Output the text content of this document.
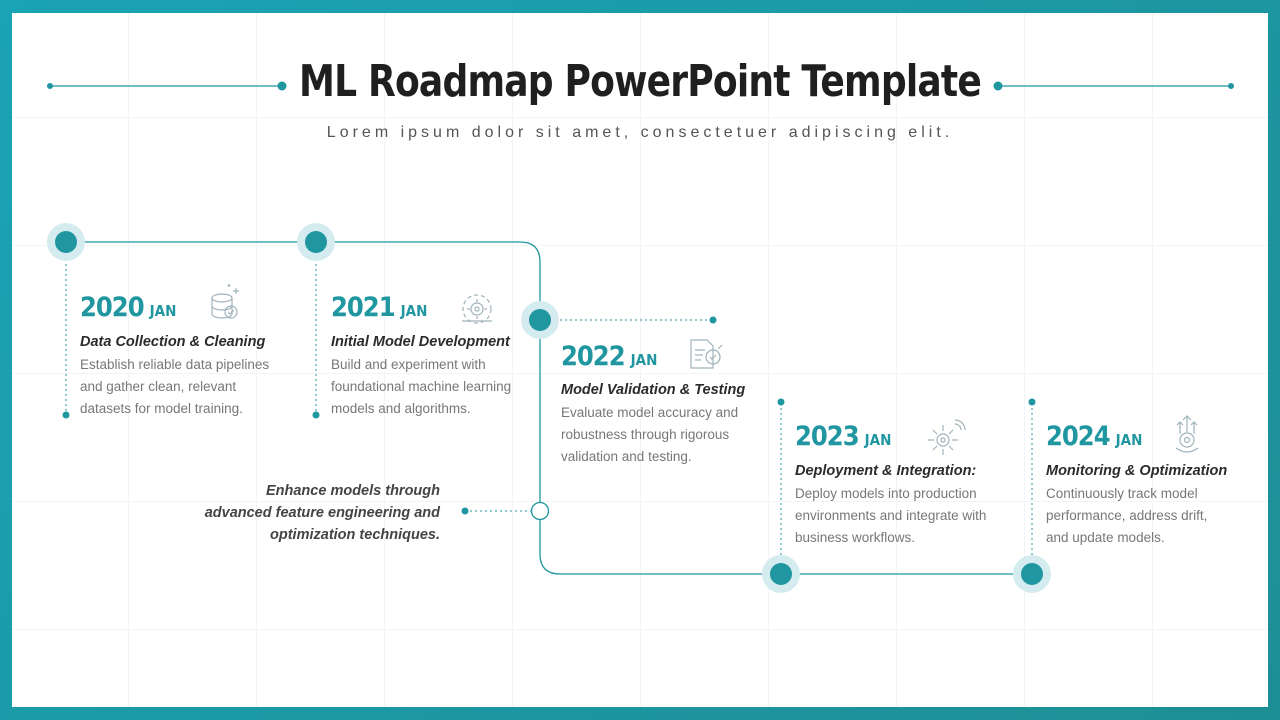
ML Roadmap PowerPoint Template
Lorem ipsum dolor sit amet, consectetuer adipiscing elit.
2020 JAN
Data Collection & Cleaning
Establish reliable data pipelines and gather clean, relevant datasets for model training.
2021 JAN
Initial Model Development
Build and experiment with foundational machine learning models and algorithms.
2022 JAN
Model Validation & Testing
Evaluate model accuracy and robustness through rigorous validation and testing.
2023 JAN
Deployment & Integration:
Deploy models into production environments and integrate with business workflows.
2024 JAN
Monitoring & Optimization
Continuously track model performance, address drift, and update models.
Enhance models through advanced feature engineering and optimization techniques.
